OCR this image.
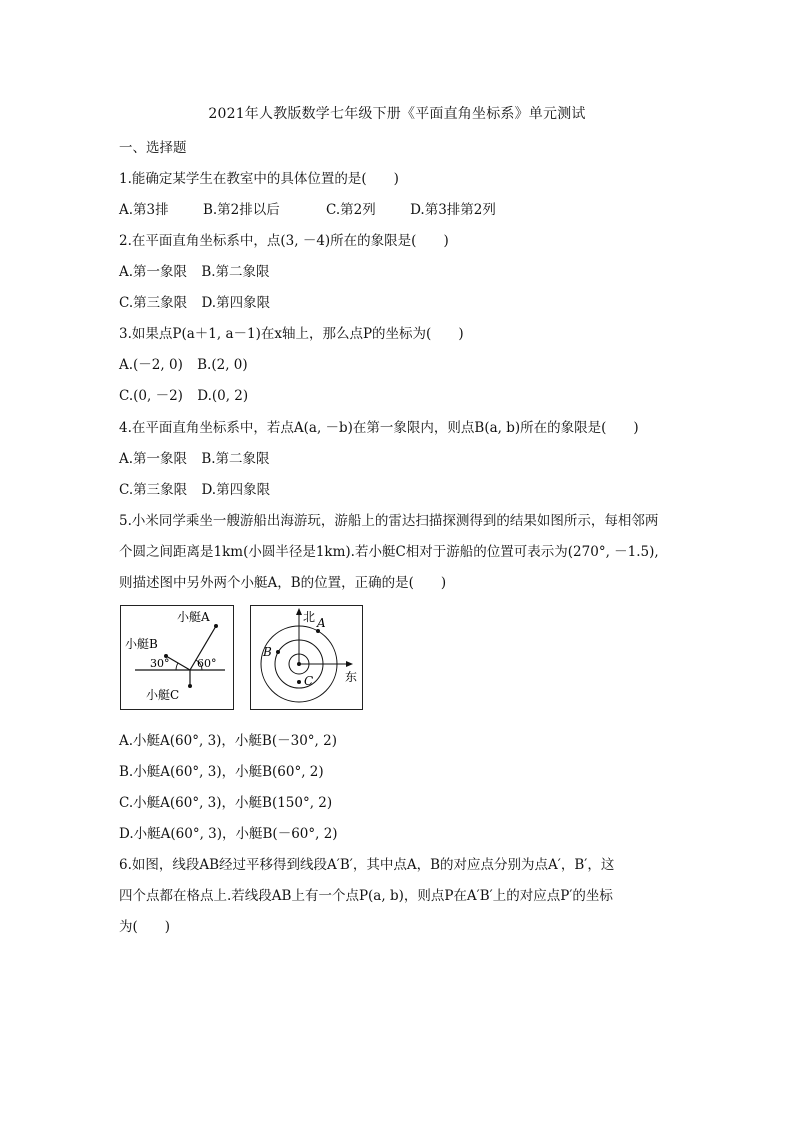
2021年人教版数学七年级下册《平面直角坐标系》单元测试
一、选择题
1.能确定某学生在教室中的具体位置的是(　　)
A.第3排	B.第2排以后	C.第2列	D.第3排第2列
2.在平面直角坐标系中，点(3, －4)所在的象限是(　　)
A.第一象限 B.第二象限
C.第三象限 D.第四象限
3.如果点P(a＋1, a－1)在x轴上，那么点P的坐标为(　　)
A.(－2, 0) B.(2, 0)
C.(0, －2) D.(0, 2)
4.在平面直角坐标系中，若点A(a, －b)在第一象限内，则点B(a, b)所在的象限是(　　)
A.第一象限 B.第二象限
C.第三象限 D.第四象限
5.小米同学乘坐一艘游船出海游玩，游船上的雷达扫描探测得到的结果如图所示，每相邻两
个圆之间距离是1km(小圆半径是1km).若小艇C相对于游船的位置可表示为(270°, －1.5),
则描述图中另外两个小艇A，B的位置，正确的是(　　)
小艇A
小艇B
30°	60°
小艇C
北
东
A
B
C
A.小艇A(60°, 3)，小艇B(－30°, 2)
B.小艇A(60°, 3)，小艇B(60°, 2)
C.小艇A(60°, 3)，小艇B(150°, 2)
D.小艇A(60°, 3)，小艇B(－60°, 2)
6.如图，线段AB经过平移得到线段A′B′，其中点A，B的对应点分别为点A′，B′，这
四个点都在格点上.若线段AB上有一个点P(a, b)，则点P在A′B′上的对应点P′的坐标
为(　　)
